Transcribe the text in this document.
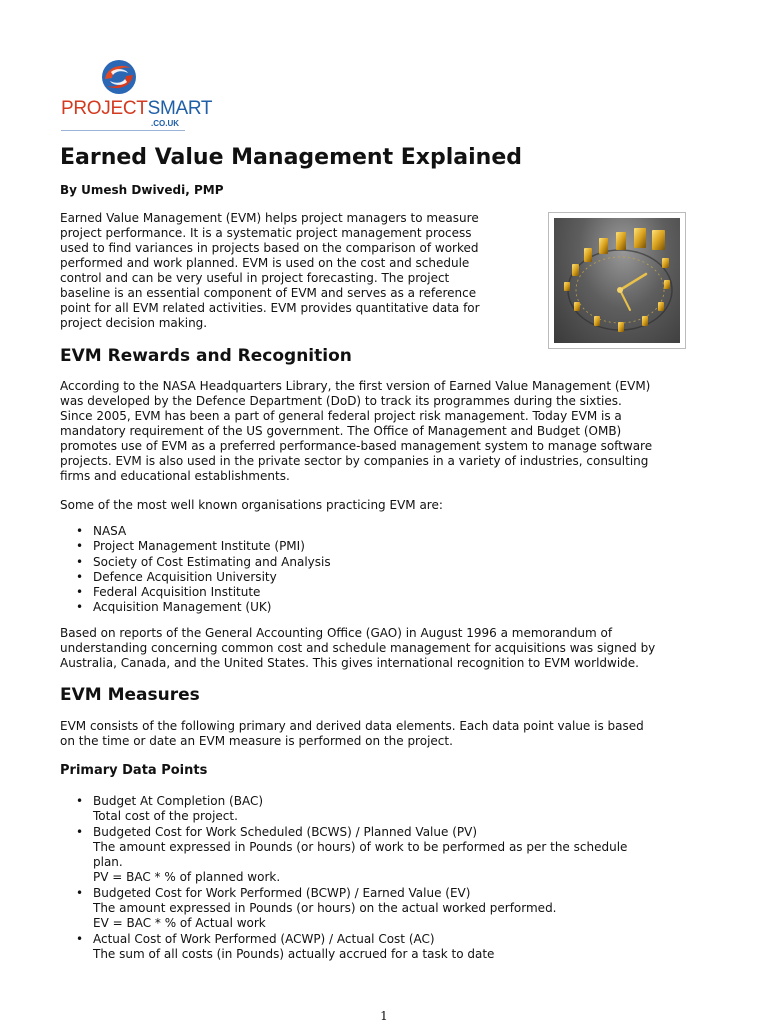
PROJECTSMART
.CO.UK
Earned Value Management Explained

By Umesh Dwivedi, PMP

Earned Value Management (EVM) helps project managers to measure

project performance. It is a systematic project management process

used to find variances in projects based on the comparison of worked

performed and work planned. EVM is used on the cost and schedule

control and can be very useful in project forecasting. The project

baseline is an essential component of EVM and serves as a reference

point for all EVM related activities. EVM provides quantitative data for

project decision making.

EVM Rewards and Recognition

According to the NASA Headquarters Library, the first version of Earned Value Management (EVM)

was developed by the Defence Department (DoD) to track its programmes during the sixties.

Since 2005, EVM has been a part of general federal project risk management. Today EVM is a

mandatory requirement of the US government. The Office of Management and Budget (OMB)

promotes use of EVM as a preferred performance-based management system to manage software

projects. EVM is also used in the private sector by companies in a variety of industries, consulting

firms and educational establishments.

Some of the most well known organisations practicing EVM are:

• NASA
• Project Management Institute (PMI)
• Society of Cost Estimating and Analysis
• Defence Acquisition University
• Federal Acquisition Institute
• Acquisition Management (UK)

Based on reports of the General Accounting Office (GAO) in August 1996 a memorandum of

understanding concerning common cost and schedule management for acquisitions was signed by

Australia, Canada, and the United States. This gives international recognition to EVM worldwide.

EVM Measures

EVM consists of the following primary and derived data elements. Each data point value is based

on the time or date an EVM measure is performed on the project.

Primary Data Points
• Budget At Completion (BAC)
Total cost of the project.
• Budgeted Cost for Work Scheduled (BCWS) / Planned Value (PV)
The amount expressed in Pounds (or hours) of work to be performed as per the schedule
plan.
PV = BAC * % of planned work.
• Budgeted Cost for Work Performed (BCWP) / Earned Value (EV)
The amount expressed in Pounds (or hours) on the actual worked performed.
EV = BAC * % of Actual work
• Actual Cost of Work Performed (ACWP) / Actual Cost (AC)
The sum of all costs (in Pounds) actually accrued for a task to date
1
